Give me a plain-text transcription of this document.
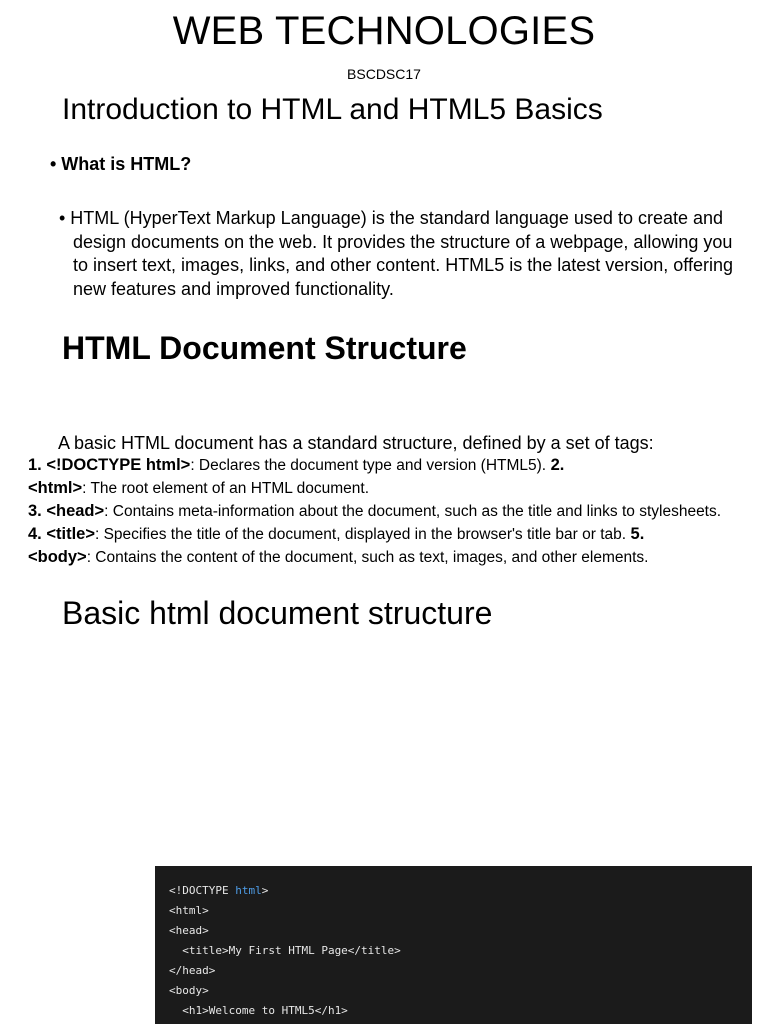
WEB TECHNOLOGIES
BSCDSC17
Introduction to HTML and HTML5 Basics
• What is HTML?
• HTML (HyperText Markup Language) is the standard language used to create and design documents on the web. It provides the structure of a webpage, allowing you to insert text, images, links, and other content. HTML5 is the latest version, offering new features and improved functionality.
HTML Document Structure
A basic HTML document has a standard structure, defined by a set of tags:
1. <!DOCTYPE html>: Declares the document type and version (HTML5). 2.
<html>: The root element of an HTML document.
3. <head>: Contains meta-information about the document, such as the title and links to stylesheets.
4. <title>: Specifies the title of the document, displayed in the browser's title bar or tab. 5.
<body>: Contains the content of the document, such as text, images, and other elements.
Basic html document structure
<!DOCTYPE html>
<html>
<head>
<title>My First HTML Page</title>
</head>
<body>
<h1>Welcome to HTML5</h1>
